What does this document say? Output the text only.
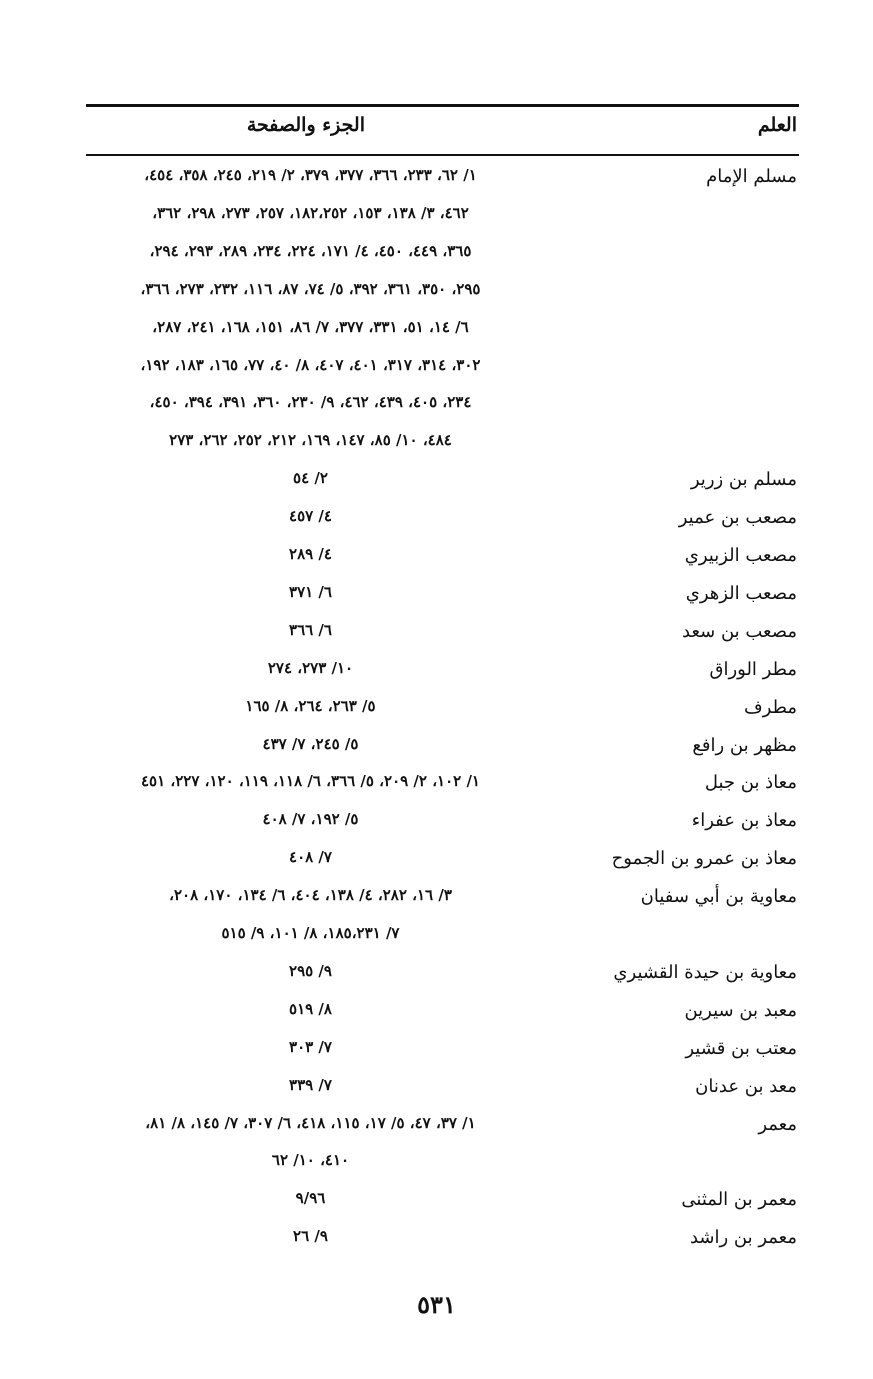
العلم
الجزء والصفحة
مسلم الإمام
١/ ٦٢، ٢٣٣، ٣٦٦، ٣٧٧، ٣٧٩، ٢/ ٢١٩، ٢٤٥، ٣٥٨، ٤٥٤،
٤٦٢، ٣/ ١٣٨، ١٥٣، ١٨٢،٢٥٢، ٢٥٧، ٢٧٣، ٢٩٨، ٣٦٢،
٣٦٥، ٤٤٩، ٤٥٠، ٤/ ١٧١، ٢٢٤، ٢٣٤، ٢٨٩، ٢٩٣، ٢٩٤،
٢٩٥، ٣٥٠، ٣٦١، ٣٩٢، ٥/ ٧٤، ٨٧، ١١٦، ٢٣٢، ٢٧٣، ٣٦٦،
٦/ ١٤، ٥١، ٣٣١، ٣٧٧، ٧/ ٨٦، ١٥١، ١٦٨، ٢٤١، ٢٨٧،
٣٠٢، ٣١٤، ٣١٧، ٤٠١، ٤٠٧، ٨/ ٤٠، ٧٧، ١٦٥، ١٨٣، ١٩٢،
٢٣٤، ٤٠٥، ٤٣٩، ٤٦٢، ٩/ ٢٣٠، ٣٦٠، ٣٩١، ٣٩٤، ٤٥٠،
٤٨٤، ١٠/ ٨٥، ١٤٧، ١٦٩، ٢١٢، ٢٥٢، ٢٦٢، ٢٧٣
مسلم بن زرير
٢/ ٥٤
مصعب بن عمير
٤/ ٤٥٧
مصعب الزبيري
٤/ ٢٨٩
مصعب الزهري
٦/ ٣٧١
مصعب بن سعد
٦/ ٣٦٦
مطر الوراق
١٠/ ٢٧٣، ٢٧٤
مطرف
٥/ ٢٦٣، ٢٦٤، ٨/ ١٦٥
مظهر بن رافع
٥/ ٢٤٥، ٧/ ٤٣٧
معاذ بن جبل
١/ ١٠٢، ٢/ ٢٠٩، ٥/ ٣٦٦، ٦/ ١١٨، ١١٩، ١٢٠، ٢٢٧، ٤٥١
معاذ بن عفراء
٥/ ١٩٢، ٧/ ٤٠٨
معاذ بن عمرو بن الجموح
٧/ ٤٠٨
معاوية بن أبي سفيان
٣/ ١٦، ٢٨٢، ٤/ ١٣٨، ٤٠٤، ٦/ ١٣٤، ١٧٠، ٢٠٨،
٧/ ١٨٥،٢٣١، ٨/ ١٠١، ٩/ ٥١٥
معاوية بن حيدة القشيري
٩/ ٢٩٥
معبد بن سيرين
٨/ ٥١٩
معتب بن قشير
٧/ ٣٠٣
معد بن عدنان
٧/ ٣٣٩
معمر
١/ ٣٧، ٤٧، ٥/ ١٧، ١١٥، ٤١٨، ٦/ ٣٠٧، ٧/ ١٤٥، ٨/ ٨١،
٤١٠، ١٠/ ٦٢
معمر بن المثنى
٩/٩٦
معمر بن راشد
٩/ ٢٦
٥٣١
